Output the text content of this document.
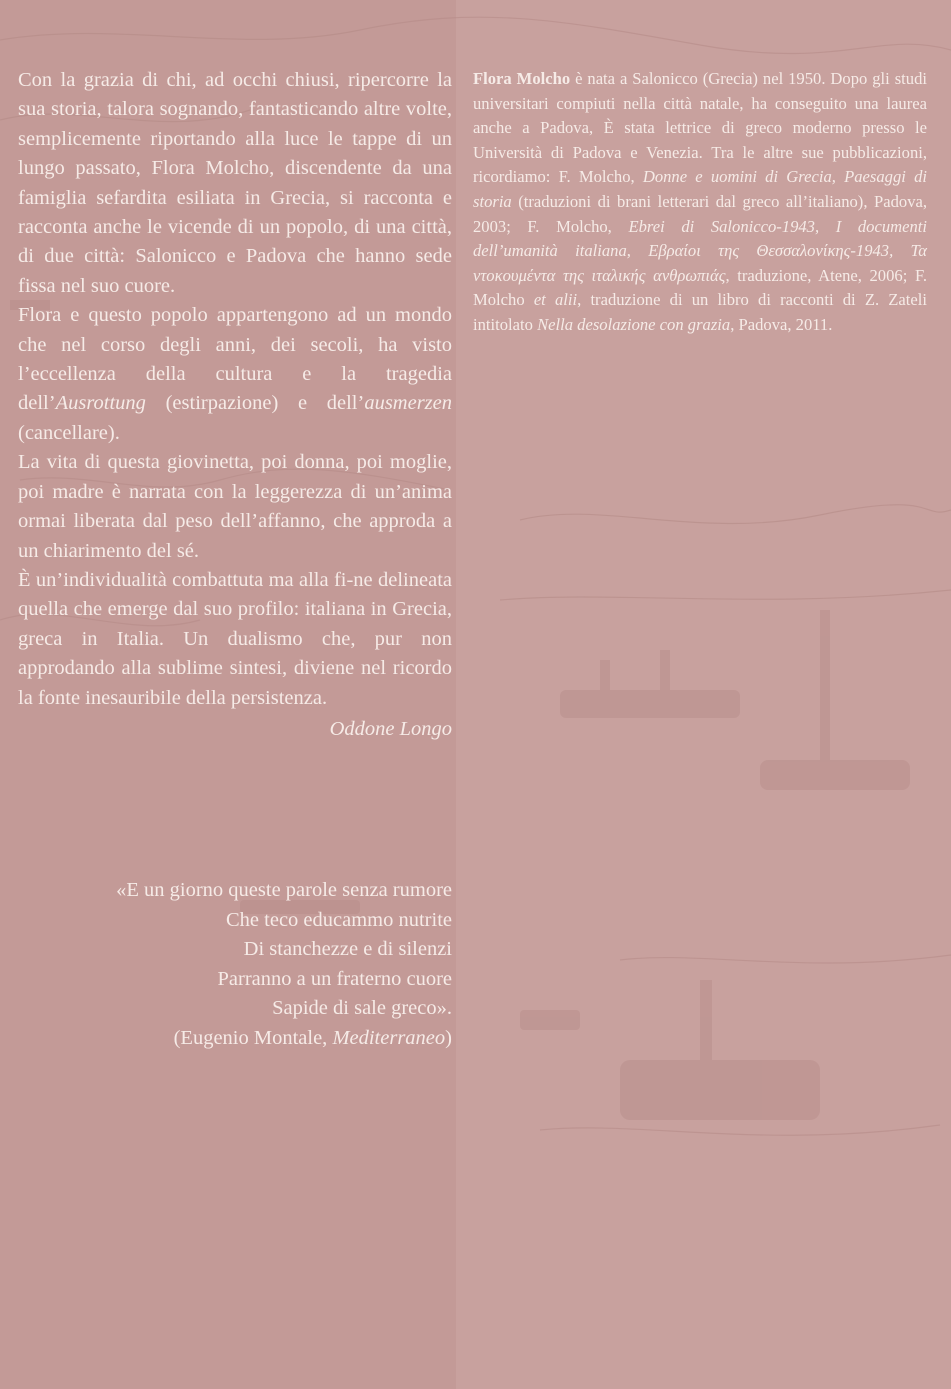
Con la grazia di chi, ad occhi chiusi, ripercorre la sua storia, talora sognando, fantasticando altre volte, semplicemente riportando alla luce le tappe di un lungo passato, Flora Molcho, discendente da una famiglia sefardita esiliata in Grecia, si racconta e racconta anche le vicende di un popolo, di una città, di due città: Salonicco e Padova che hanno sede fissa nel suo cuore.

Flora e questo popolo appartengono ad un mondo che nel corso degli anni, dei secoli, ha visto l’eccellenza della cultura e la tragedia dell’Ausrottung (estirpazione) e dell’ausmerzen (cancellare).

La vita di questa giovinetta, poi donna, poi moglie, poi madre è narrata con la leggerezza di un’anima ormai liberata dal peso dell’affanno, che approda a un chiarimento del sé.

È un’individualità combattuta ma alla fi-ne delineata quella che emerge dal suo profilo: italiana in Grecia, greca in Italia. Un dualismo che, pur non approdando alla sublime sintesi, diviene nel ricordo la fonte inesauribile della persistenza.

Oddone Longo

«E un giorno queste parole senza rumore
Che teco educammo nutrite
Di stanchezze e di silenzi
Parranno a un fraterno cuore
Sapide di sale greco».
(Eugenio Montale, Mediterraneo)

Flora Molcho è nata a Salonicco (Grecia) nel 1950. Dopo gli studi universitari compiuti nella città natale, ha conseguito una laurea anche a Padova, È stata lettrice di greco moderno presso le Università di Padova e Venezia. Tra le altre sue pubblicazioni, ricordiamo: F. Molcho, Donne e uomini di Grecia, Paesaggi di storia (traduzioni di brani letterari dal greco all’italiano), Padova, 2003; F. Molcho, Ebrei di Salonicco-1943, I documenti dell’umanità italiana, Εβραίοι της Θεσσαλονίκης-1943, Τα ντοκουμέντα της ιταλικής ανθρωπιάς, traduzione, Atene, 2006; F. Molcho et alii, traduzione di un libro di racconti di Z. Zateli intitolato Nella desolazione con grazia, Padova, 2011.
